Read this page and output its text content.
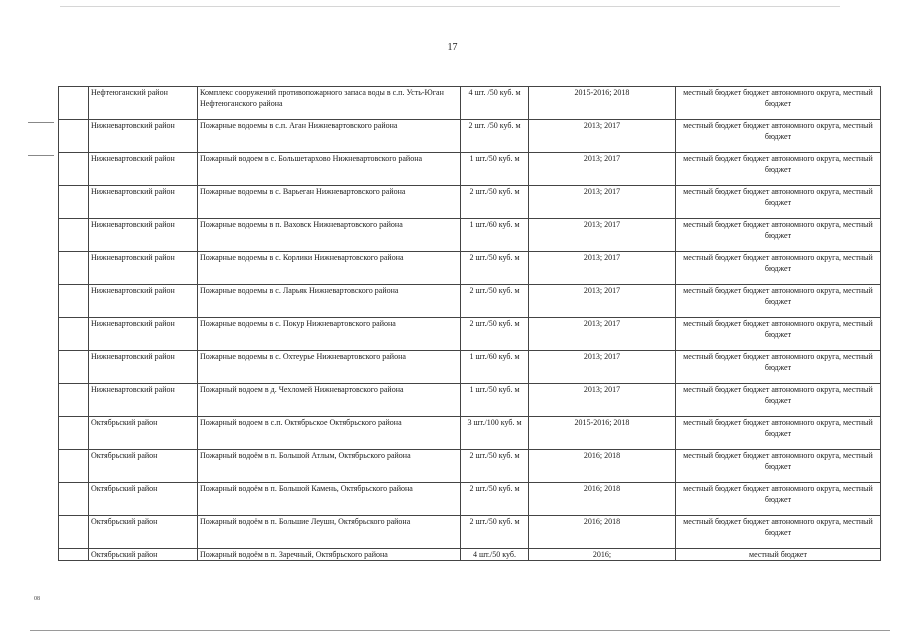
17
	Нефтеюганский район	Комплекс сооружений противопожарного запаса воды в с.п. Усть-Юган Нефтеюганского района	4 шт. /50 куб. м	2015-2016; 2018	местный бюджет бюджет автономного округа, местный бюджет
	Нижневартовский район	Пожарные водоемы в с.п. Аган Нижневартовского района	2 шт. /50 куб. м	2013; 2017	местный бюджет бюджет автономного округа, местный бюджет
	Нижневартовский район	Пожарный водоем в с. Большетархово Нижневартовского района	1 шт./50 куб. м	2013; 2017	местный бюджет бюджет автономного округа, местный бюджет
	Нижневартовский район	Пожарные водоемы в с. Варьеган Нижневартовского района	2 шт./50 куб. м	2013; 2017	местный бюджет бюджет автономного округа, местный бюджет
	Нижневартовский район	Пожарные водоемы в п. Ваховск Нижневартовского района	1 шт./60 куб. м	2013; 2017	местный бюджет бюджет автономного округа, местный бюджет
	Нижневартовский район	Пожарные водоемы в с. Корлики Нижневартовского района	2 шт./50 куб. м	2013; 2017	местный бюджет бюджет автономного округа, местный бюджет
	Нижневартовский район	Пожарные водоемы в с. Ларьяк Нижневартовского района	2 шт./50 куб. м	2013; 2017	местный бюджет бюджет автономного округа, местный бюджет
	Нижневартовский район	Пожарные водоемы в с. Покур Нижневартовского района	2 шт./50 куб. м	2013; 2017	местный бюджет бюджет автономного округа, местный бюджет
	Нижневартовский район	Пожарные водоемы в с. Охтеурье Нижневартовского района	1 шт./60 куб. м	2013; 2017	местный бюджет бюджет автономного округа, местный бюджет
	Нижневартовский район	Пожарный водоем в д. Чехломей Нижневартовского района	1 шт./50 куб. м	2013; 2017	местный бюджет бюджет автономного округа, местный бюджет
	Октябрьский район	Пожарный водоем в с.п. Октябрьское Октябрьского района	3 шт./100 куб. м	2015-2016; 2018	местный бюджет бюджет автономного округа, местный бюджет
	Октябрьский район	Пожарный водоём в п. Большой Атлым, Октябрьского района	2 шт./50 куб. м	2016; 2018	местный бюджет бюджет автономного округа, местный бюджет
	Октябрьский район	Пожарный водоём в п. Большой Камень, Октябрьского района	2 шт./50 куб. м	2016; 2018	местный бюджет бюджет автономного округа, местный бюджет
	Октябрьский район	Пожарный водоём в п. Большие Леушн, Октябрьского района	2 шт./50 куб. м	2016; 2018	местный бюджет бюджет автономного округа, местный бюджет
	Октябрьский район	Пожарный водоём в п. Заречный, Октябрьского района	4 шт./50 куб.	2016;	местный бюджет
08
